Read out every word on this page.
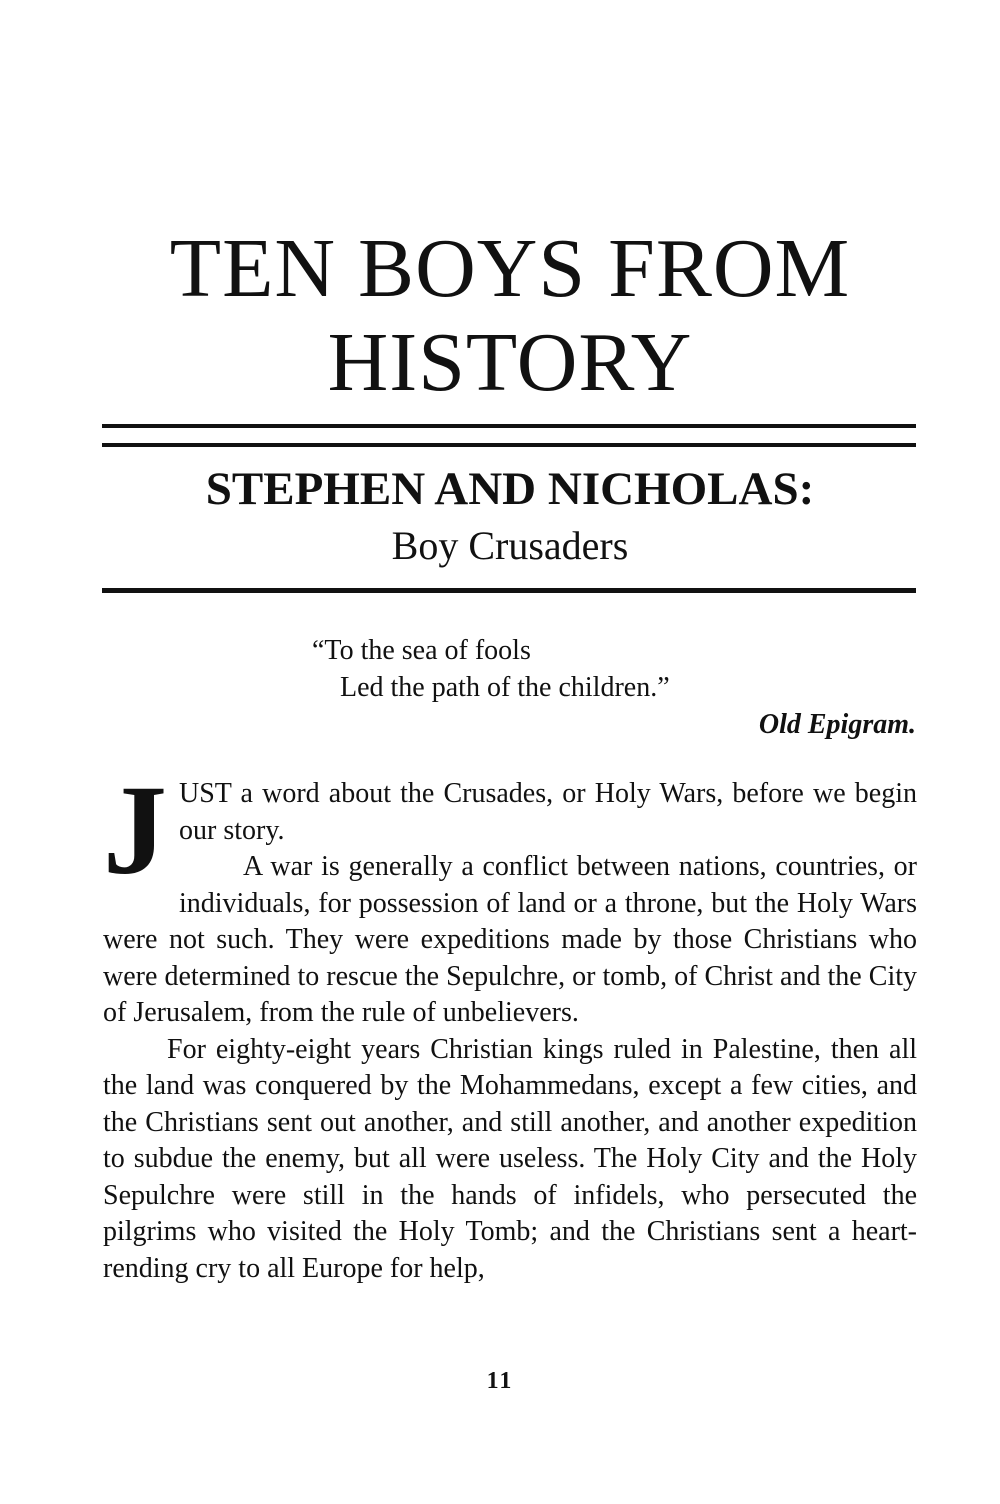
TEN BOYS FROM
HISTORY
STEPHEN AND NICHOLAS:
Boy Crusaders
“To the sea of fools
Led the path of the children.”
Old Epigram.

JUST a word about the Crusades, or Holy Wars, before we begin our story.

A war is generally a conflict between nations, countries, or individuals, for possession of land or a throne, but the Holy Wars were not such. They were expeditions made by those Christians who were determined to rescue the Sepulchre, or tomb, of Christ and the City of Jerusalem, from the rule of unbelievers.

For eighty-eight years Christian kings ruled in Palestine, then all the land was conquered by the Mohammedans, except a few cities, and the Christians sent out another, and still another, and another expedition to subdue the enemy, but all were useless. The Holy City and the Holy Sepulchre were still in the hands of infidels, who persecuted the pilgrims who visited the Holy Tomb; and the Christians sent a heart-rending cry to all Europe for help,

11
